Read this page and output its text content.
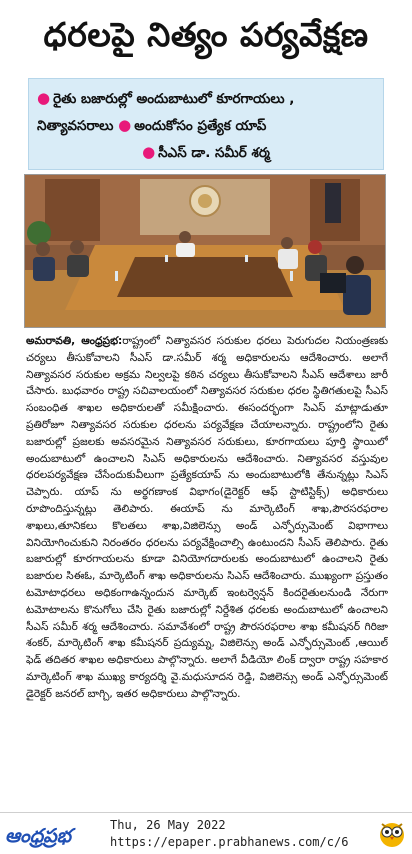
ధరలపై నిత్యం పర్యవేక్షణ
● రైతు బజారుల్లో అందుబాటులో కూరగాయలు ,
నిత్యావసరాలు ● అందుకోసం ప్రత్యేక యాప్
● సీఎస్ డా. సమీర్ శర్మ
అమరావతి, ఆంధ్రప్రభ:రాష్ట్రంలో నిత్యావసర సరుకుల ధరలు పెరుగుదల నియంత్రణకు చర్యలు తీసుకోవాలని సీఎస్ డా.సమీర్ శర్మ అధికారులను ఆదేశించారు. అలాగే నిత్యావసర సరుకుల అక్రమ నిల్వలపై కఠిన చర్యలు తీసుకోవాలని సీఎస్ ఆదేశాలు జారీ చేసారు. బుధవారం రాష్ట్ర సచివాలయంలో నిత్యావసర సరుకుల ధరల స్థితిగతులపై సీఎస్ సంబంధిత శాఖల అధికారులతో సమీక్షించారు. ఈసందర్భంగా సిఎస్ మాట్లాడుతూ ప్రతిరోజూ నిత్యావసర సరుకుల ధరలను పర్యవేక్షణ చేయాలన్నారు. రాష్ట్రంలోని రైతు బజారుల్లో ప్రజలకు అవసరమైన నిత్యావసర సరుకులు, కూరగాయలు పూర్తి స్థాయిలో అందుబాటులో ఉంచాలని సిఎస్ అధికారులను ఆదేశించారు. నిత్యావసర వస్తువుల ధరలపర్యవేక్షణ చేసేందుకువీలుగా ప్రత్యేకయాప్ ను అందుబాటులోకి తేనున్నట్లు సిఎస్ చెప్పారు. యాప్ ను అర్థగణాంక విభాగం(డైరెక్టర్ ఆఫ్ స్టాటిస్టిక్స్) అధికారులు రూపొందిస్తున్నట్లు తెలిపారు. ఈయాప్ ను మార్కెటింగ్ శాఖ,పౌరసరఫరాల శాఖలు,తూనికలు కొలతలు శాఖ,విజిలెన్సు అండ్ ఎన్ఫోర్సుమెంట్ విభాగాలు వినియోగించుకుని నిరంతరం ధరలను పర్యవేక్షించాల్సి ఉంటుందని సీఎస్ తెలిపారు. రైతు బజారుల్లో కూరగాయలను కూడా వినియోగదారులకు అందుబాటులో ఉంచాలని రైతు బజారుల సిఈఓ, మార్కెటింగ్ శాఖ అధికారులను సిఎస్ ఆదేశించారు. ముఖ్యంగా ప్రస్తుతం టమోటాధరలు అధికంగాఉన్నందున మార్కెట్ ఇంటర్వెన్షన్ కిందరైతులనుండి నేరుగా టమోటాలను కొనుగోలు చేసి రైతు బజారుల్లో నిర్దేశిత ధరలకు అందుబాటులో ఉంచాలని సీఎస్ సమీర్ శర్మ ఆదేశించారు. సమావేశంలో రాష్ట్ర పౌరసరఫరాల శాఖ కమీషనర్ గిరిజా శంకర్, మార్కెటింగ్ శాఖ కమీషనర్ ప్రద్యుమ్న, విజిలెన్సు అండ్ ఎన్ఫోర్సుమెంట్ ,ఆయిల్ ఫెడ్ తదితర శాఖల అధికారులు పాల్గొన్నారు. అలాగే వీడియో లింక్ ద్వారా రాష్ట్ర సహకార మార్కెటింగ్ శాఖ ముఖ్య కార్యదర్శి వై.మధుసూదన రెడ్డి, విజిలెన్సు అండ్ ఎన్ఫోర్సుమెంట్ డైరెక్టర్ జనరల్ బాగ్చి, ఇతర అధికారులు పాల్గొన్నారు.
ఆంధ్రప్రభ	Thu, 26 May 2022
https://epaper.prabhanews.com/c/6
